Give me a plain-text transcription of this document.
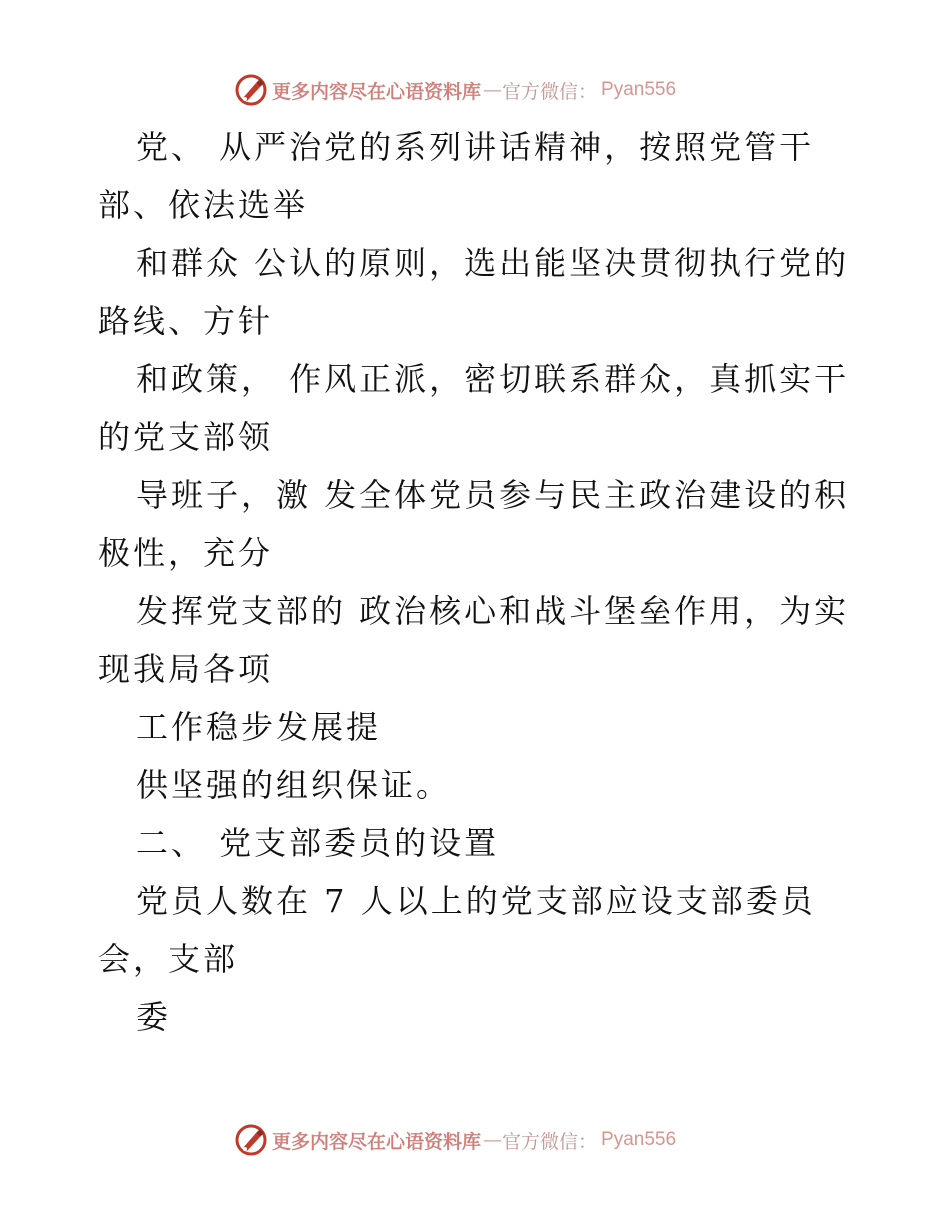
更多内容尽在心语资料库 — 官方微信： Pyan556
党、 从严治党的系列讲话精神，按照党管干
部、依法选举
和群众 公认的原则，选出能坚决贯彻执行党的
路线、方针
和政策， 作风正派，密切联系群众，真抓实干
的党支部领
导班子，激 发全体党员参与民主政治建设的积
极性，充分
发挥党支部的 政治核心和战斗堡垒作用，为实
现我局各项
工作稳步发展提
供坚强的组织保证。
二、 党支部委员的设置
党员人数在 7 人以上的党支部应设支部委员
会，支部
委
更多内容尽在心语资料库 — 官方微信： Pyan556
